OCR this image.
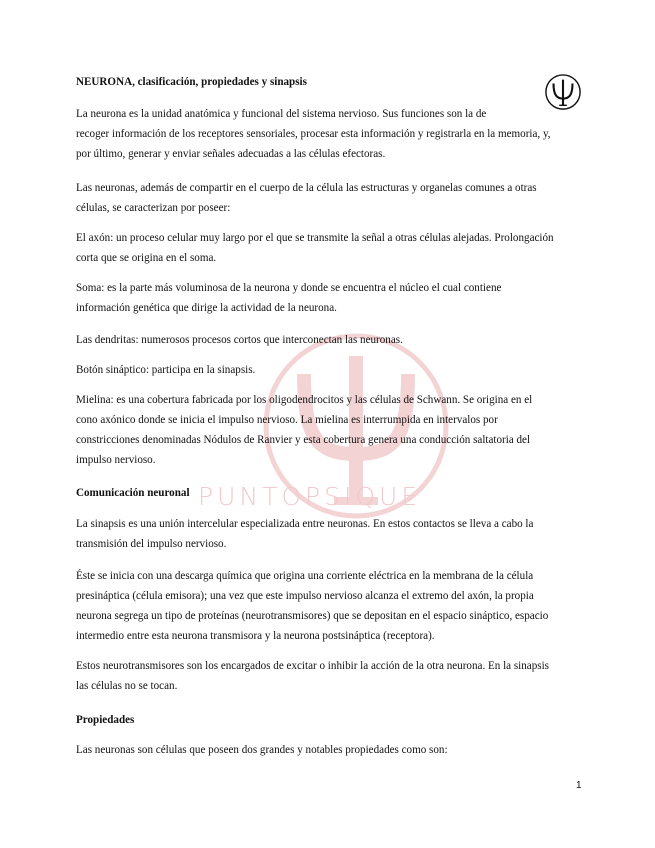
PUNTOPSIQUE

NEURONA, clasificación, propiedades y sinapsis

La neurona es la unidad anatómica y funcional del sistema nervioso. Sus funciones son la de
recoger información de los receptores sensoriales, procesar esta información y registrarla en la memoria, y,
por último, generar y enviar señales adecuadas a las células efectoras.
Las neuronas, además de compartir en el cuerpo de la célula las estructuras y organelas comunes a otras
células, se caracterizan por poseer:
El axón: un proceso celular muy largo por el que se transmite la señal a otras células alejadas. Prolongación
corta que se origina en el soma.
Soma: es la parte más voluminosa de la neurona y donde se encuentra el núcleo el cual contiene
información genética que dirige la actividad de la neurona.
Las dendritas: numerosos procesos cortos que interconectan las neuronas.
Botón sináptico: participa en la sinapsis.
Mielina: es una cobertura fabricada por los oligodendrocitos y las células de Schwann. Se origina en el
cono axónico donde se inicia el impulso nervioso. La mielina es interrumpida en intervalos por
constricciones denominadas Nódulos de Ranvier y esta cobertura genera una conducción saltatoria del
impulso nervioso.

Comunicación neuronal

La sinapsis es una unión intercelular especializada entre neuronas. En estos contactos se lleva a cabo la
transmisión del impulso nervioso.
Éste se inicia con una descarga química que origina una corriente eléctrica en la membrana de la célula
presináptica (célula emisora); una vez que este impulso nervioso alcanza el extremo del axón, la propia
neurona segrega un tipo de proteínas (neurotransmisores) que se depositan en el espacio sináptico, espacio
intermedio entre esta neurona transmisora y la neurona postsináptica (receptora).
Estos neurotransmisores son los encargados de excitar o inhibir la acción de la otra neurona. En la sinapsis
las células no se tocan.

Propiedades

Las neuronas son células que poseen dos grandes y notables propiedades como son:
1
